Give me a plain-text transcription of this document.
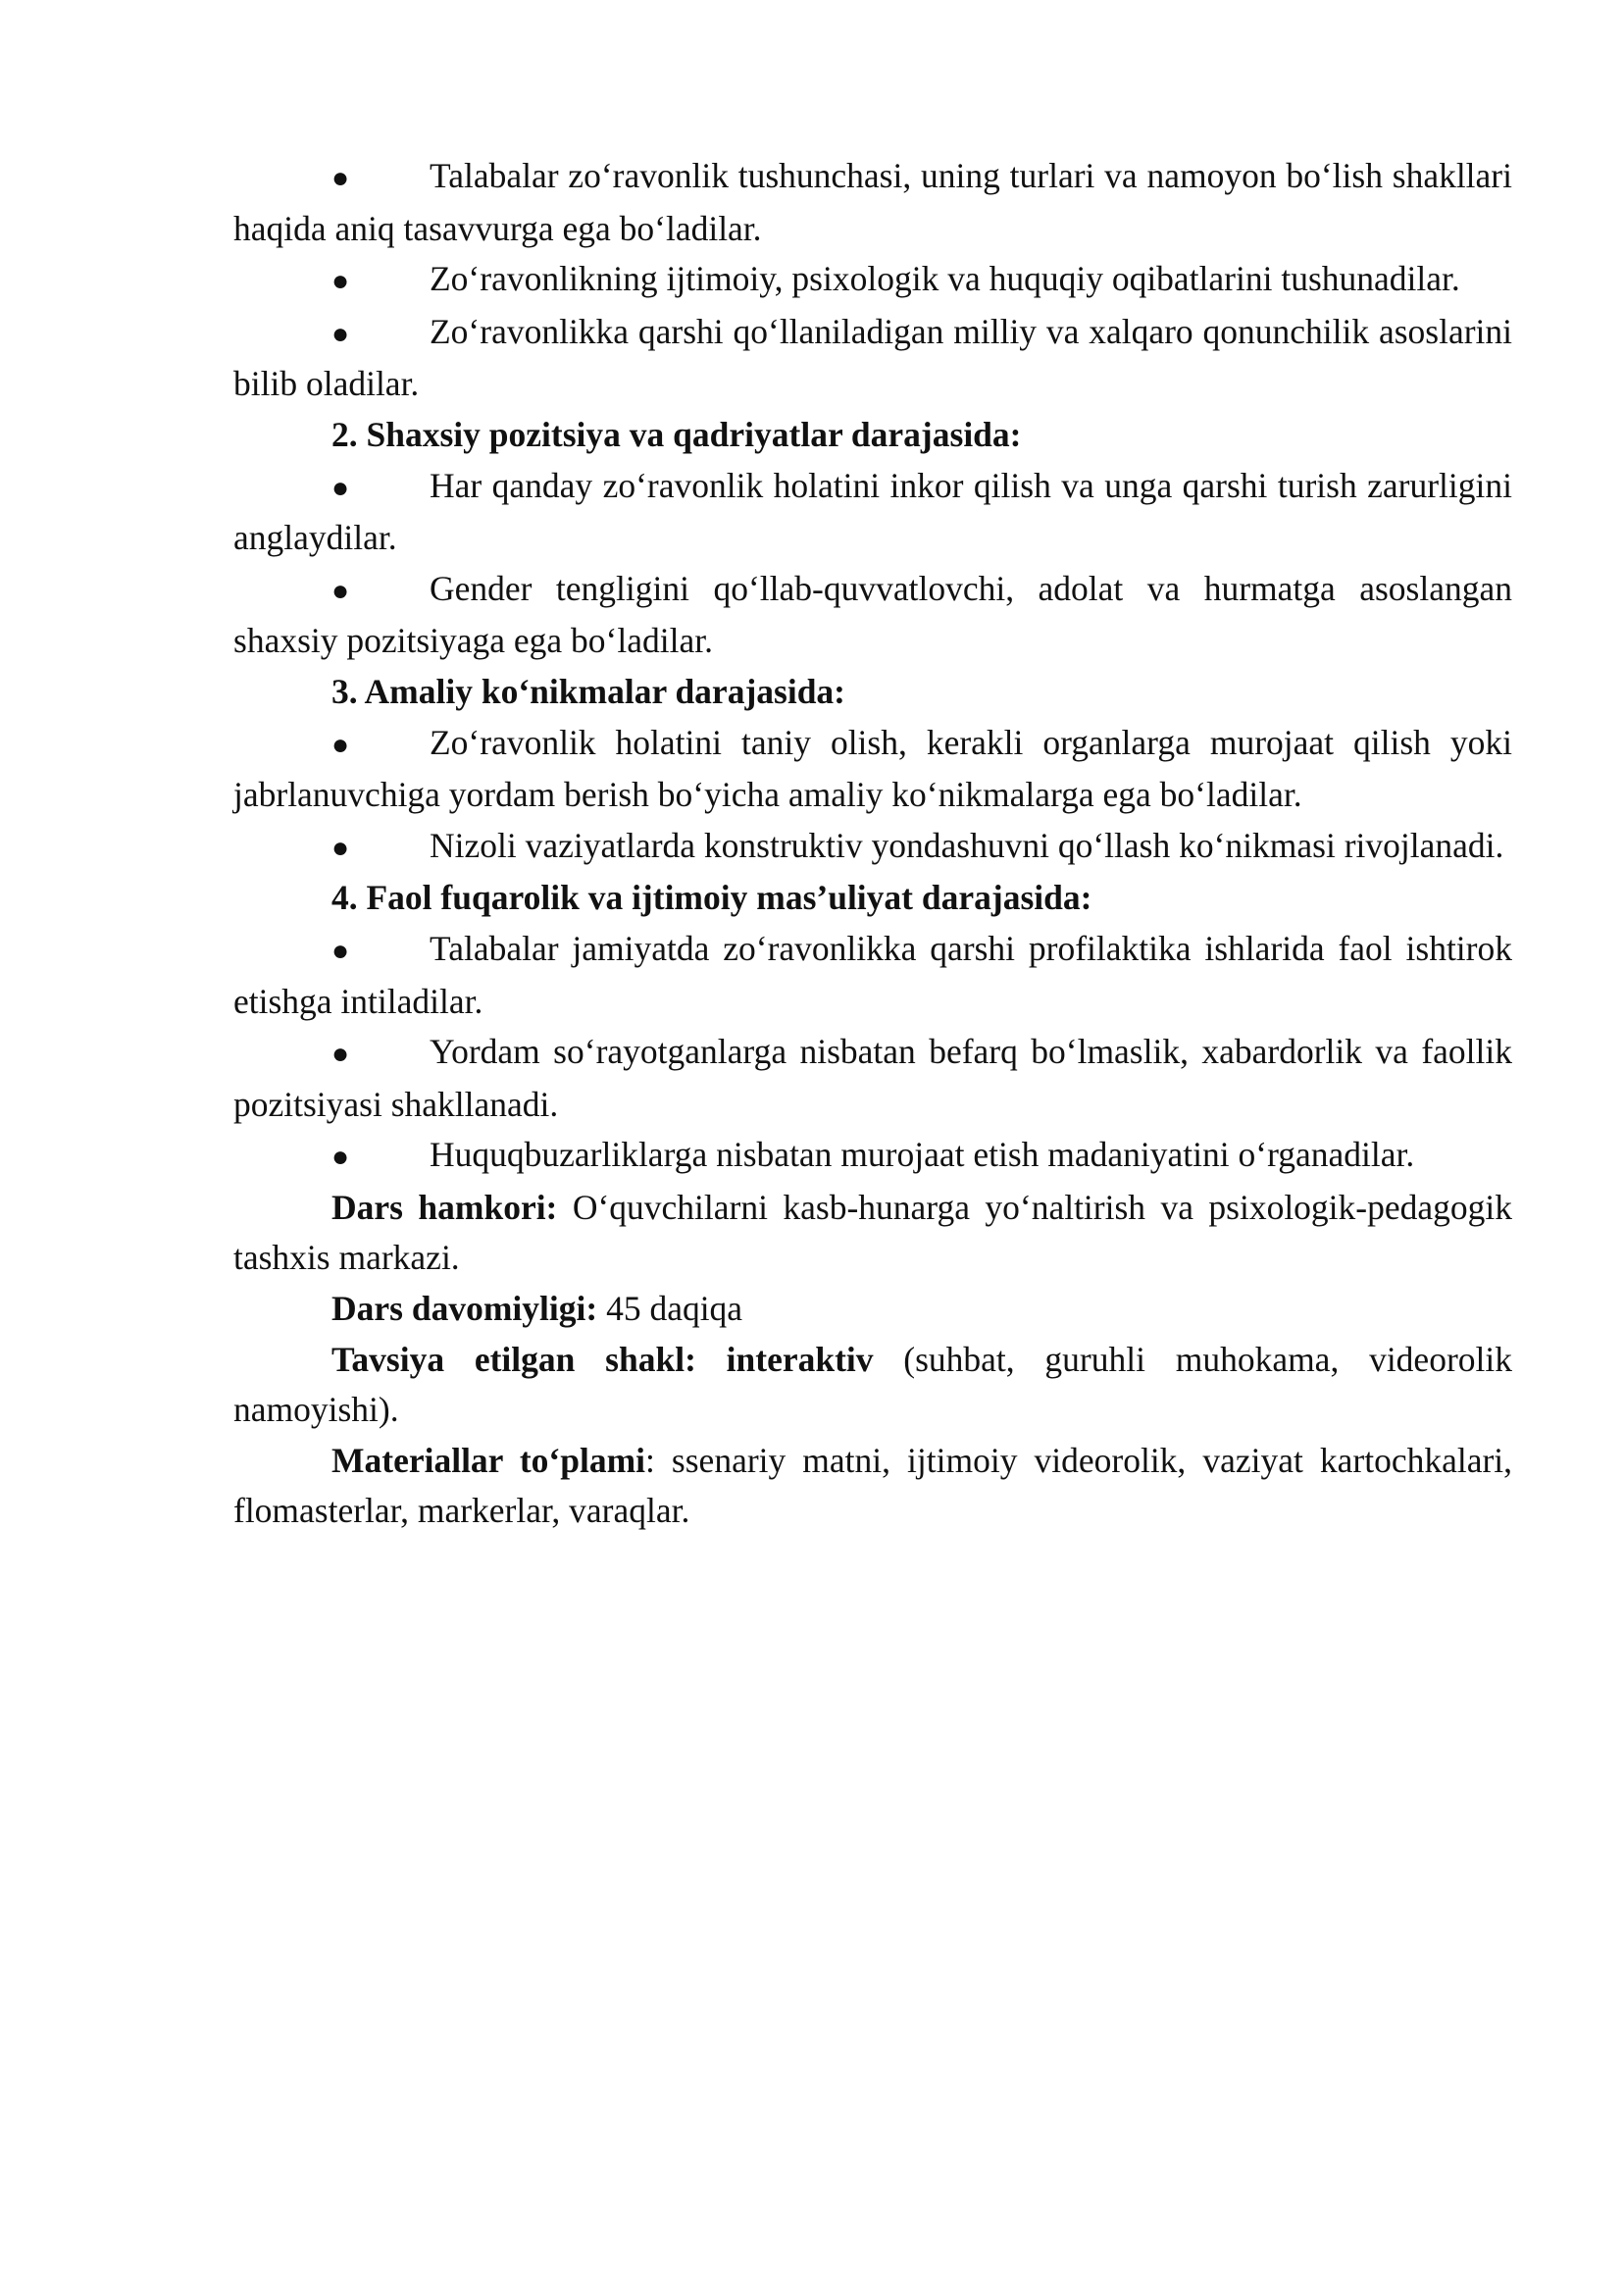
● Talabalar zo‘ravonlik tushunchasi, uning turlari va namoyon bo‘lish shakllari haqida aniq tasavvurga ega bo‘ladilar.

● Zo‘ravonlikning ijtimoiy, psixologik va huquqiy oqibatlarini tushunadilar.

● Zo‘ravonlikka qarshi qo‘llaniladigan milliy va xalqaro qonunchilik asoslarini bilib oladilar.

2. Shaxsiy pozitsiya va qadriyatlar darajasida:

● Har qanday zo‘ravonlik holatini inkor qilish va unga qarshi turish zarurligini anglaydilar.

● Gender tengligini qo‘llab-quvvatlovchi, adolat va hurmatga asoslangan shaxsiy pozitsiyaga ega bo‘ladilar.

3. Amaliy ko‘nikmalar darajasida:

● Zo‘ravonlik holatini taniy olish, kerakli organlarga murojaat qilish yoki jabrlanuvchiga yordam berish bo‘yicha amaliy ko‘nikmalarga ega bo‘ladilar.

● Nizoli vaziyatlarda konstruktiv yondashuvni qo‘llash ko‘nikmasi rivojlanadi.

4. Faol fuqarolik va ijtimoiy mas’uliyat darajasida:

● Talabalar jamiyatda zo‘ravonlikka qarshi profilaktika ishlarida faol ishtirok etishga intiladilar.

● Yordam so‘rayotganlarga nisbatan befarq bo‘lmaslik, xabardorlik va faollik pozitsiyasi shakllanadi.

● Huquqbuzarliklarga nisbatan murojaat etish madaniyatini o‘rganadilar.

Dars hamkori: O‘quvchilarni kasb-hunarga yo‘naltirish va psixologik-pedagogik tashxis markazi.

Dars davomiyligi: 45 daqiqa

Tavsiya etilgan shakl: interaktiv (suhbat, guruhli muhokama, videorolik namoyishi).

Materiallar to‘plami: ssenariy matni, ijtimoiy videorolik, vaziyat kartochkalari, flomasterlar, markerlar, varaqlar.
